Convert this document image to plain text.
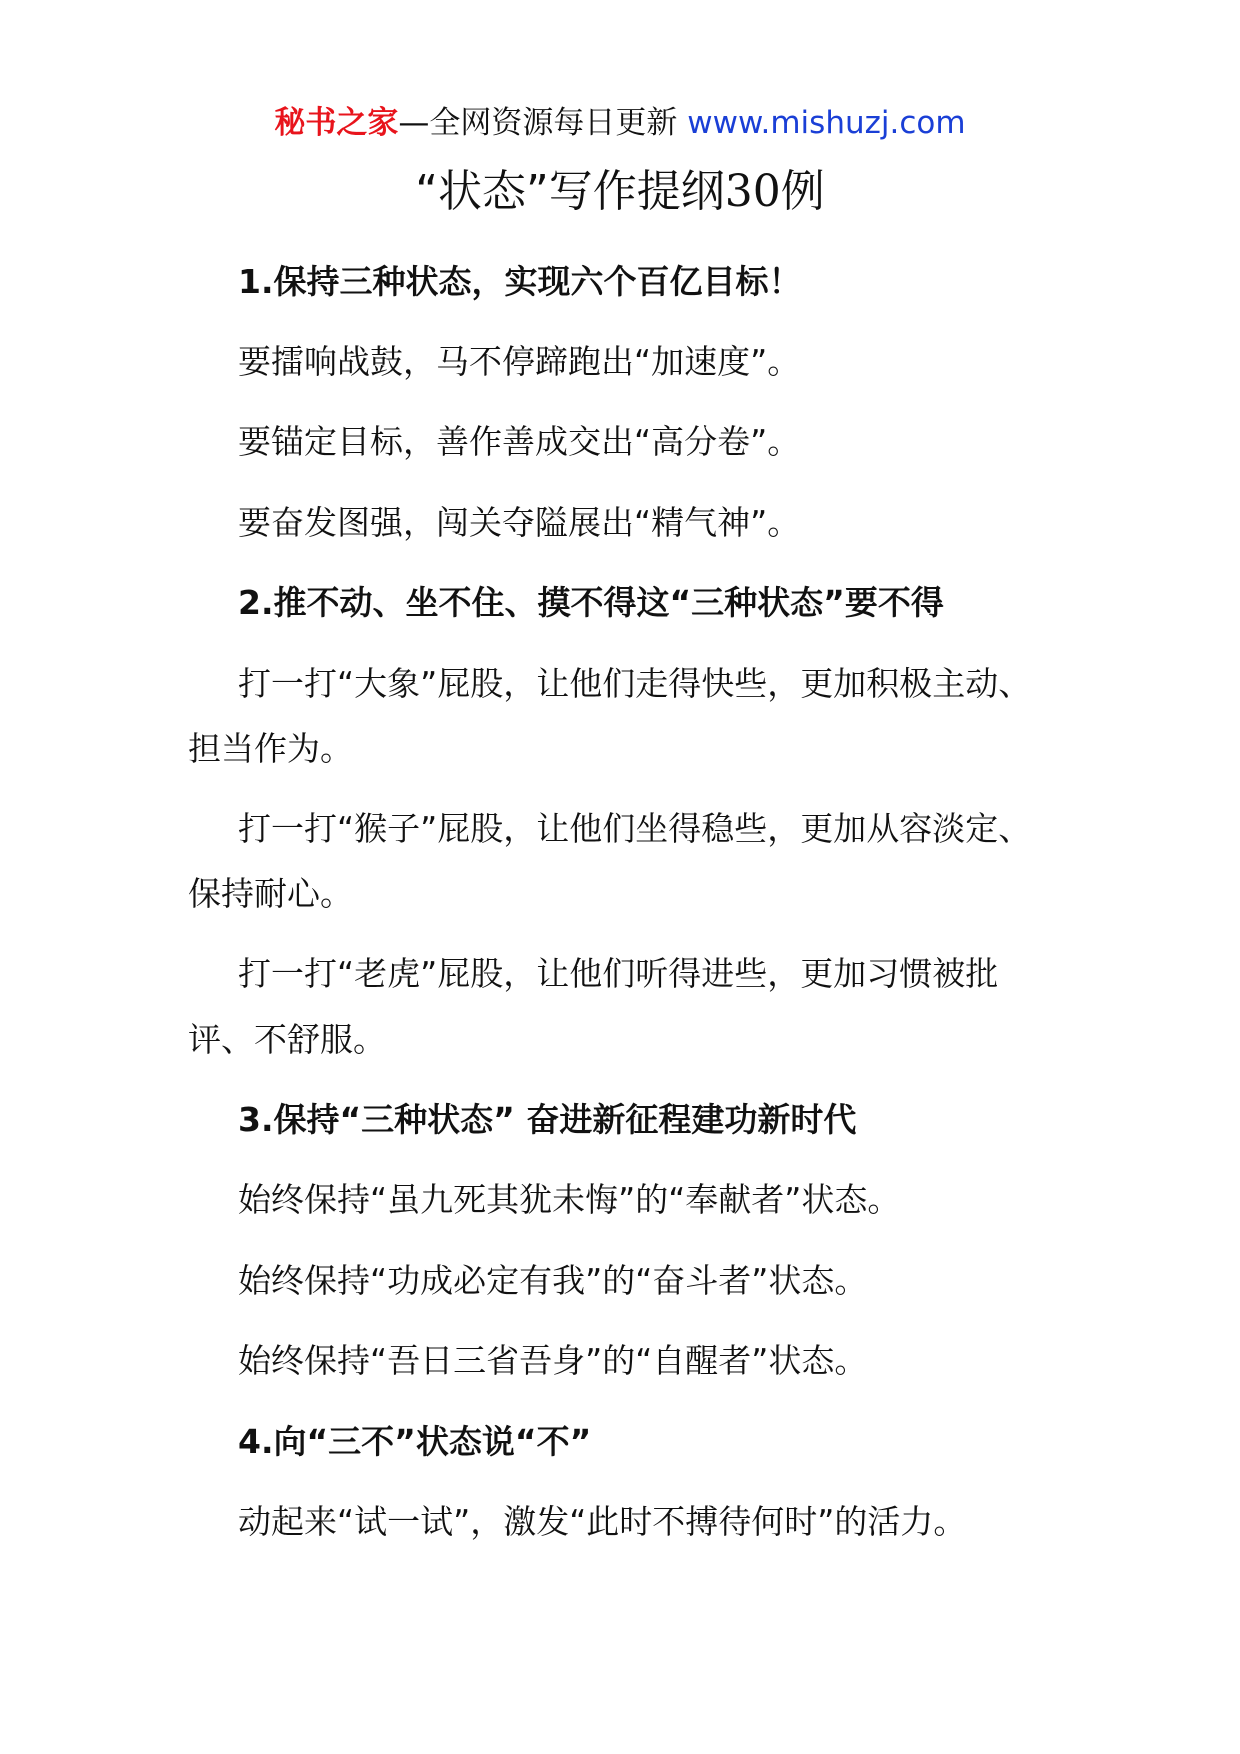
秘书之家—全网资源每日更新 www.mishuzj.com
“状态”写作提纲30例
1.保持三种状态，实现六个百亿目标！
要擂响战鼓，马不停蹄跑出“加速度”。
要锚定目标，善作善成交出“高分卷”。
要奋发图强，闯关夺隘展出“精气神”。
2.推不动、坐不住、摸不得这“三种状态”要不得
打一打“大象”屁股，让他们走得快些，更加积极主动、
担当作为。
打一打“猴子”屁股，让他们坐得稳些，更加从容淡定、
保持耐心。
打一打“老虎”屁股，让他们听得进些，更加习惯被批
评、不舒服。
3.保持“三种状态” 奋进新征程建功新时代
始终保持“虽九死其犹未悔”的“奉献者”状态。
始终保持“功成必定有我”的“奋斗者”状态。
始终保持“吾日三省吾身”的“自醒者”状态。
4.向“三不”状态说“不”
动起来“试一试”，激发“此时不搏待何时”的活力。
